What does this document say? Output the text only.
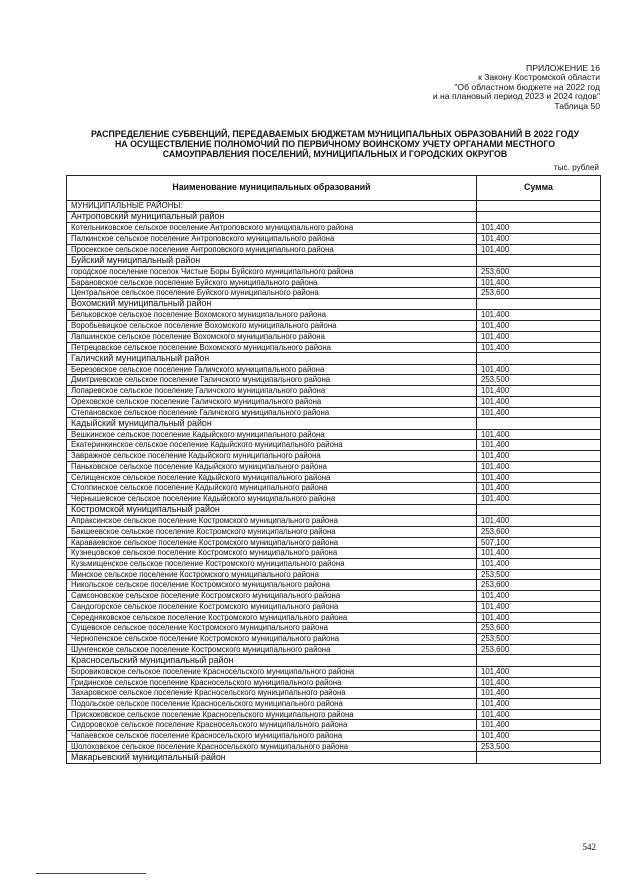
ПРИЛОЖЕНИЕ 16
к Закону Костромской области
"Об областном бюджете на 2022 год
и на плановый период 2023 и 2024 годов"
Таблица 50
РАСПРЕДЕЛЕНИЕ СУБВЕНЦИЙ, ПЕРЕДАВАЕМЫХ БЮДЖЕТАМ МУНИЦИПАЛЬНЫХ ОБРАЗОВАНИЙ В 2022 ГОДУ
НА ОСУЩЕСТВЛЕНИЕ ПОЛНОМОЧИЙ ПО ПЕРВИЧНОМУ ВОИНСКОМУ УЧЕТУ ОРГАНАМИ МЕСТНОГО
САМОУПРАВЛЕНИЯ ПОСЕЛЕНИЙ, МУНИЦИПАЛЬНЫХ И ГОРОДСКИХ ОКРУГОВ
тыс. рублей
Наименование муниципальных образований	Сумма
МУНИЦИПАЛЬНЫЕ РАЙОНЫ:	
Антроповский муниципальный район	
Котельниковское сельское поселение Антроповского муниципального района	101,400
Палкинское сельское поселение Антроповского муниципального района	101,400
Просекское сельское поселение Антроповского муниципального района	101,400
Буйский муниципальный район	
городское поселение поселок Чистые Боры Буйского муниципального района	253,600
Барановское сельское поселение Буйского муниципального района	101,400
Центральное сельское поселение Буйского муниципального района	253,600
Вохомский муниципальный район	
Бельковское сельское поселение Вохомского муниципального района	101,400
Воробьевицкое сельское поселение Вохомского муниципального района	101,400
Лапшинское сельское поселение Вохомского муниципального района	101,400
Петрецовское сельское поселение Вохомского муниципального района	101,400
Галичский муниципальный район	
Березовское сельское поселение Галичского муниципального района	101,400
Дмитриевское сельское поселение Галичского муниципального района	253,500
Лопаревское сельское поселение Галичского муниципального района	101,400
Ореховское сельское поселение Галичского муниципального района	101,400
Степановское сельское поселение Галичского муниципального района	101,400
Кадыйский муниципальный район	
Вешкинское сельское поселение Кадыйского муниципального района	101,400
Екатеринкинское сельское поселение Кадыйского муниципального района	101,400
Завражное сельское поселение Кадыйского муниципального района	101,400
Паньковское сельское поселение Кадыйского муниципального района	101,400
Селищенское сельское поселение Кадыйского муниципального района	101,400
Столпинское сельское поселение Кадыйского муниципального района	101,400
Чернышевское сельское поселение Кадыйского муниципального района	101,400
Костромской муниципальный район	
Апраксинское сельское поселение Костромского муниципального района	101,400
Бакшеевское сельское поселение Костромского муниципального района	253,600
Караваевское сельское поселение Костромского муниципального района	507,100
Кузнецовское сельское поселение Костромского муниципального района	101,400
Кузьмищенское сельское поселение Костромского муниципального района	101,400
Минское сельское поселение Костромского муниципального района	253,500
Никольское сельское поселение Костромского муниципального района	253,600
Самсоновское сельское поселение Костромского муниципального района	101,400
Сандогорское сельское поселение Костромского муниципального района	101,400
Середняковское сельское поселение Костромского муниципального района	101,400
Сущевское сельское поселение Костромского муниципального района	253,600
Чернопенское сельское поселение Костромского муниципального района	253,500
Шунгенское сельское поселение Костромского муниципального района	253,600
Красносельский муниципальный район	
Боровиковское сельское поселение Красносельского муниципального района	101,400
Гридинское сельское поселение Красносельского муниципального района	101,400
Захаровское сельское поселение Красносельского муниципального района	101,400
Подольское сельское поселение Красносельского муниципального района	101,400
Прискоковское сельское поселение Красносельского муниципального района	101,400
Сидоровское сельское поселение Красносельского муниципального района	101,400
Чапаевское сельское поселение Красносельского муниципального района	101,400
Шолоховское сельское поселение Красносельского муниципального района	253,500
Макарьевский муниципальный район	
542
